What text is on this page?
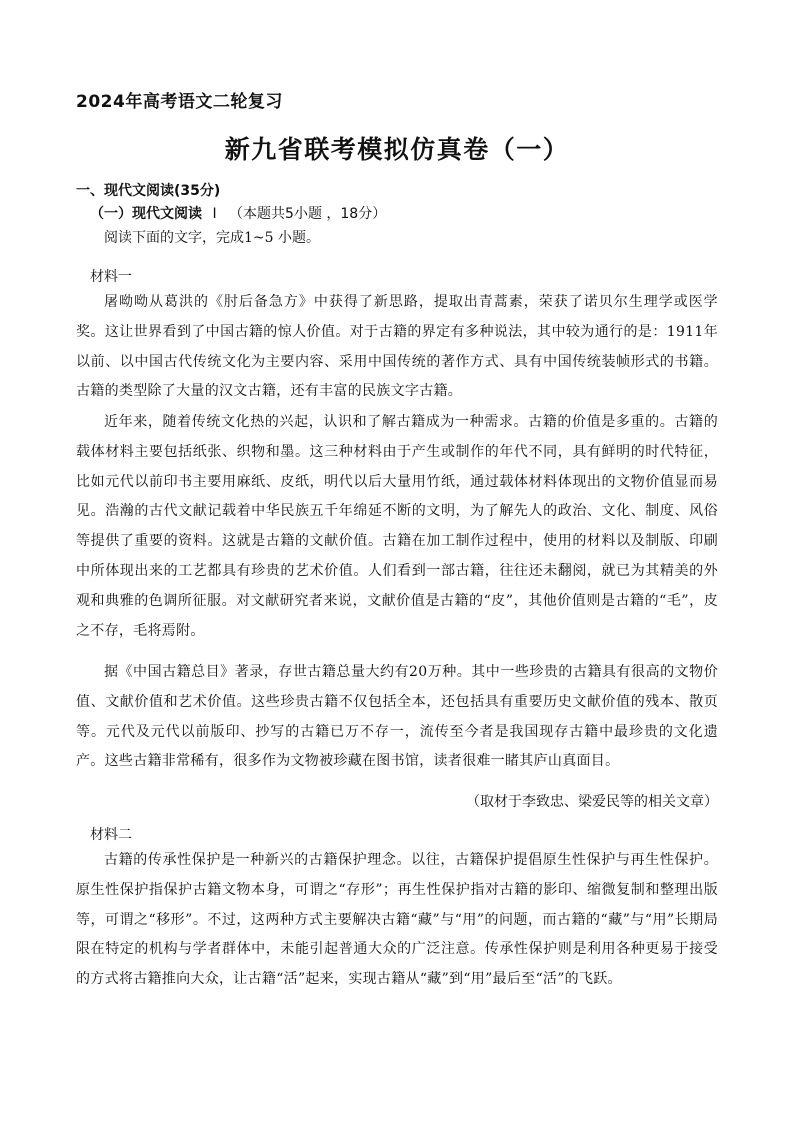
2024年高考语文二轮复习
新九省联考模拟仿真卷（一）
一、现代文阅读(35分)
（一）现代文阅读 Ⅰ （本题共5小题 ，18分）
阅读下面的文字，完成1~5 小题。
材料一

屠呦呦从葛洪的《肘后备急方》中获得了新思路，提取出青蒿素，荣获了诺贝尔生理学或医学奖。这让世界看到了中国古籍的惊人价值。对于古籍的界定有多种说法，其中较为通行的是：1911年以前、以中国古代传统文化为主要内容、采用中国传统的著作方式、具有中国传统装帧形式的书籍。古籍的类型除了大量的汉文古籍，还有丰富的民族文字古籍。

近年来，随着传统文化热的兴起，认识和了解古籍成为一种需求。古籍的价值是多重的。古籍的载体材料主要包括纸张、织物和墨。这三种材料由于产生或制作的年代不同，具有鲜明的时代特征，比如元代以前印书主要用麻纸、皮纸，明代以后大量用竹纸，通过载体材料体现出的文物价值显而易见。浩瀚的古代文献记载着中华民族五千年绵延不断的文明，为了解先人的政治、文化、制度、风俗等提供了重要的资料。这就是古籍的文献价值。古籍在加工制作过程中，使用的材料以及制版、印刷中所体现出来的工艺都具有珍贵的艺术价值。人们看到一部古籍，往往还未翻阅，就已为其精美的外观和典雅的色调所征服。对文献研究者来说，文献价值是古籍的“皮”，其他价值则是古籍的“毛”，皮之不存，毛将焉附。

据《中国古籍总目》著录，存世古籍总量大约有20万种。其中一些珍贵的古籍具有很高的文物价值、文献价值和艺术价值。这些珍贵古籍不仅包括全本，还包括具有重要历史文献价值的残本、散页等。元代及元代以前版印、抄写的古籍已万不存一，流传至今者是我国现存古籍中最珍贵的文化遗产。这些古籍非常稀有，很多作为文物被珍藏在图书馆，读者很难一睹其庐山真面目。

（取材于李致忠、梁爱民等的相关文章）
材料二

古籍的传承性保护是一种新兴的古籍保护理念。以往，古籍保护提倡原生性保护与再生性保护。原生性保护指保护古籍文物本身，可谓之“存形”；再生性保护指对古籍的影印、缩微复制和整理出版等，可谓之“移形”。不过，这两种方式主要解决古籍“藏”与“用”的问题，而古籍的“藏”与“用”长期局限在特定的机构与学者群体中，未能引起普通大众的广泛注意。传承性保护则是利用各种更易于接受的方式将古籍推向大众，让古籍“活”起来，实现古籍从“藏”到“用”最后至“活”的飞跃。
